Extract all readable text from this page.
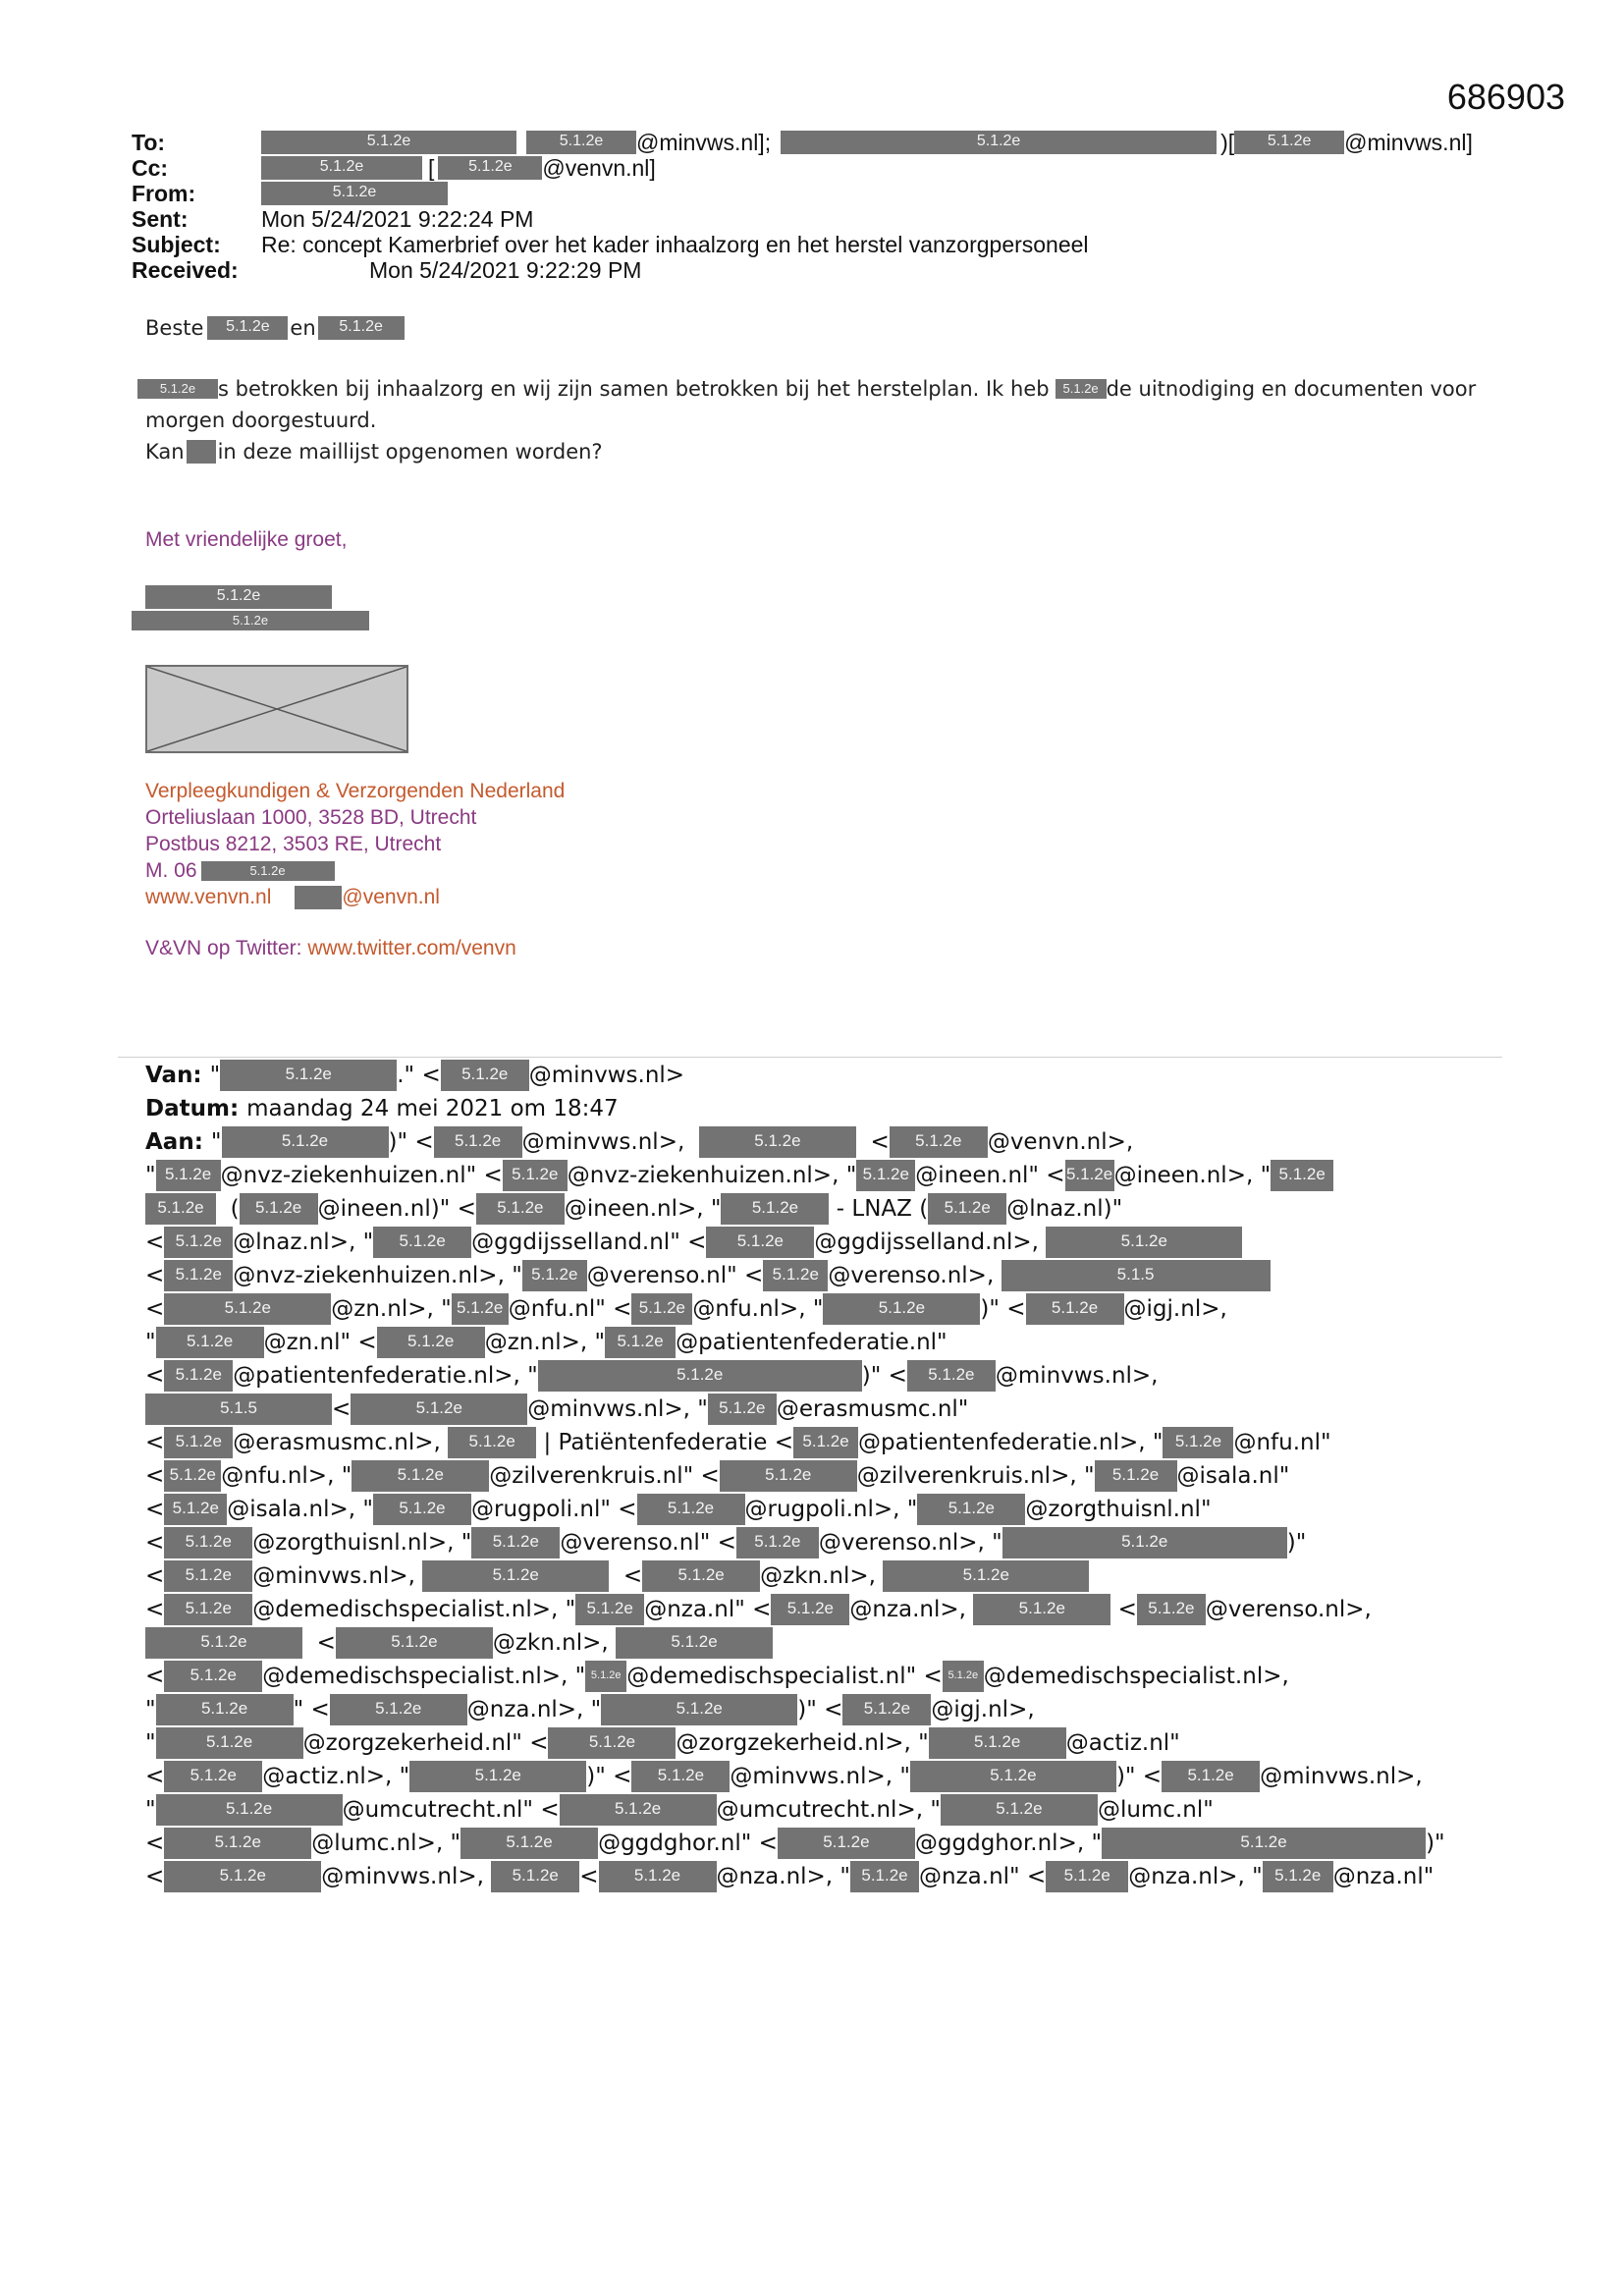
686903
To:	5.1.2e	5.1.2e	@minvws.nl];	5.1.2e	)[	5.1.2e	@minvws.nl]
Cc:	5.1.2e	[	5.1.2e	@venvn.nl]
From:	5.1.2e
Sent:	Mon 5/24/2021 9:22:24 PM
Subject:	Re: concept Kamerbrief over het kader inhaalzorg en het herstel vanzorgpersoneel
Received:	Mon 5/24/2021 9:22:29 PM
Beste	5.1.2e en	5.1.2e
5.1.2e	s betrokken bij inhaalzorg en wij zijn samen betrokken bij het herstelplan. Ik heb	5.1.2e de uitnodiging en documenten voor
morgen doorgestuurd.
Kan in deze maillijst opgenomen worden?
Met vriendelijke groet,
5.1.2e
5.1.2e
Verpleegkundigen & Verzorgenden Nederland
Orteliuslaan 1000, 3528 BD, Utrecht
Postbus 8212, 3503 RE, Utrecht
M. 06	5.1.2e
www.venvn.nl	@venvn.nl
V&VN op Twitter: www.twitter.com/venvn
Van: "	5.1.2e	." <	5.1.2e @minvws.nl>
Datum: maandag 24 mei 2021 om 18:47
Aan: "	5.1.2e	)" <	5.1.2e @minvws.nl>,	5.1.2e	<	5.1.2e	@venvn.nl>,
" 5.1.2e @nvz-ziekenhuizen.nl" < 5.1.2e @nvz-ziekenhuizen.nl>, " 5.1.2e @ineen.nl" < 5.1.2e @ineen.nl>, " 5.1.2e
5.1.2e ( 5.1.2e @ineen.nl)" <	5.1.2e @ineen.nl>, "	5.1.2e	- LNAZ ( 5.1.2e @lnaz.nl)"
< 5.1.2e @lnaz.nl>, "	5.1.2e	@ggdijsselland.nl" <	5.1.2e	@ggdijsselland.nl>,	5.1.2e
< 5.1.2e @nvz-ziekenhuizen.nl>, " 5.1.2e @verenso.nl" < 5.1.2e @verenso.nl>,	5.1.5
<	5.1.2e	@zn.nl>, " 5.1.2e @nfu.nl" < 5.1.2e @nfu.nl>, "	5.1.2e	)" <	5.1.2e	@igj.nl>,
"	5.1.2e	@zn.nl" <	5.1.2e	@zn.nl>, " 5.1.2e @patientenfederatie.nl"
< 5.1.2e @patientenfederatie.nl>, "	5.1.2e	)" <	5.1.2e @minvws.nl>,
5.1.5	<	5.1.2e	@minvws.nl>, " 5.1.2e @erasmusmc.nl"
< 5.1.2e @erasmusmc.nl>,	5.1.2e | Patiëntenfederatie < 5.1.2e @patientenfederatie.nl>, " 5.1.2e @nfu.nl"
< 5.1.2e @nfu.nl>, "	5.1.2e	@zilverenkruis.nl" <	5.1.2e	@zilverenkruis.nl>, "	5.1.2e @isala.nl"
< 5.1.2e @isala.nl>, "	5.1.2e	@rugpoli.nl" <	5.1.2e	@rugpoli.nl>, "	5.1.2e	@zorgthuisnl.nl"
<	5.1.2e @zorgthuisnl.nl>, "	5.1.2e @verenso.nl" <	5.1.2e @verenso.nl>, "	5.1.2e	)"
<	5.1.2e @minvws.nl>,	5.1.2e	<	5.1.2e	@zkn.nl>,	5.1.2e
<	5.1.2e @demedischspecialist.nl>, " 5.1.2e @nza.nl" < 5.1.2e @nza.nl>,	5.1.2e	< 5.1.2e @verenso.nl>,
5.1.2e	<	5.1.2e	@zkn.nl>,	5.1.2e
<	5.1.2e	@demedischspecialist.nl>, " 5.1.2e @demedischspecialist.nl" < 5.1.2e @demedischspecialist.nl>,
"	5.1.2e	" <	5.1.2e	@nza.nl>, "	5.1.2e	)" <	5.1.2e @igj.nl>,
"	5.1.2e	@zorgzekerheid.nl" <	5.1.2e	@zorgzekerheid.nl>, "	5.1.2e	@actiz.nl"
<	5.1.2e	@actiz.nl>, "	5.1.2e	)" <	5.1.2e	@minvws.nl>, "	5.1.2e	)" <	5.1.2e	@minvws.nl>,
"	5.1.2e	@umcutrecht.nl" <	5.1.2e	@umcutrecht.nl>, "	5.1.2e	@lumc.nl"
<	5.1.2e	@lumc.nl>, "	5.1.2e	@ggdghor.nl" <	5.1.2e	@ggdghor.nl>, "	5.1.2e	)"
<	5.1.2e	@minvws.nl>,	5.1.2e <	5.1.2e	@nza.nl>, " 5.1.2e @nza.nl" <	5.1.2e @nza.nl>, " 5.1.2e @nza.nl"
